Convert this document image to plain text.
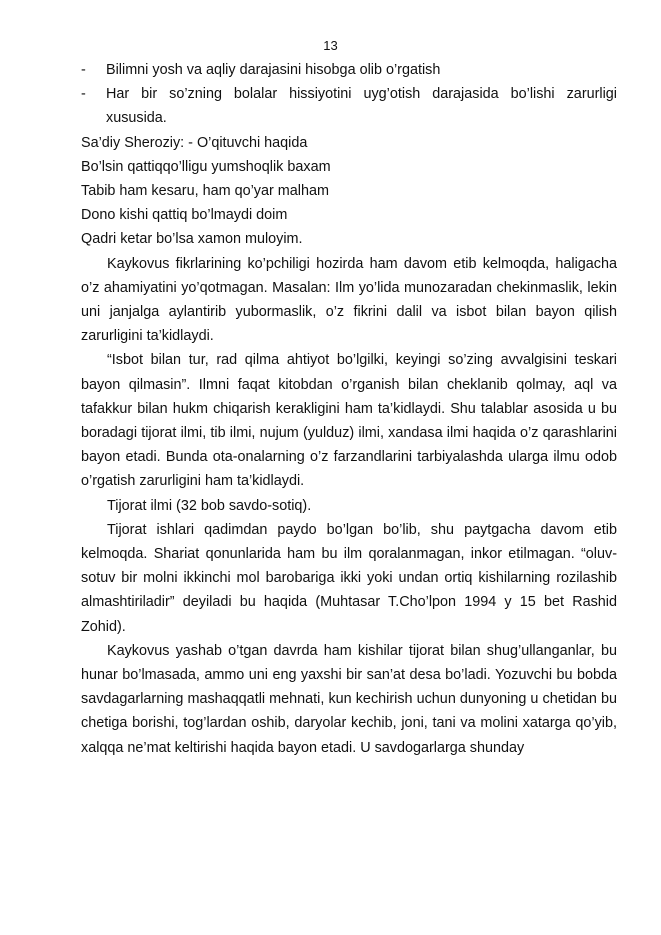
13
-	Bilimni yosh va aqliy darajasini hisobga olib o’rgatish
-	Har bir so’zning bolalar hissiyotini uyg’otish darajasida bo’lishi zarurligi xususida.

Sa’diy Sheroziy: - O’qituvchi haqida

Bo’lsin qattiqqo’lligu yumshoqlik baxam

Tabib ham kesaru, ham qo’yar malham

Dono kishi qattiq bo’lmaydi doim

Qadri ketar bo’lsa xamon muloyim.

Kaykovus fikrlarining ko’pchiligi hozirda ham davom etib kelmoqda, haligacha o’z ahamiyatini yo’qotmagan. Masalan: Ilm yo’lida munozaradan chekinmaslik, lekin uni janjalga aylantirib yubormaslik, o’z fikrini dalil va isbot bilan bayon qilish zarurligini ta’kidlaydi.

“Isbot bilan tur, rad qilma ahtiyot bo’lgilki, keyingi so’zing avvalgisini teskari bayon qilmasin”. Ilmni faqat kitobdan o’rganish bilan cheklanib qolmay, aql va tafakkur bilan hukm chiqarish kerakligini ham ta’kidlaydi. Shu talablar asosida u bu boradagi tijorat ilmi, tib ilmi, nujum (yulduz) ilmi, xandasa ilmi haqida o’z qarashlarini bayon etadi. Bunda ota-onalarning o’z farzandlarini tarbiyalashda ularga ilmu odob o’rgatish zarurligini ham ta’kidlaydi.

Tijorat ilmi (32 bob savdo-sotiq).

Tijorat ishlari qadimdan paydo bo’lgan bo’lib, shu paytgacha davom etib kelmoqda. Shariat qonunlarida ham bu ilm qoralanmagan, inkor etilmagan. “oluv-sotuv bir molni ikkinchi mol barobariga ikki yoki undan ortiq kishilarning rozilashib almashtiriladir” deyiladi bu haqida (Muhtasar T.Cho’lpon 1994 y 15 bet Rashid Zohid).

Kaykovus yashab o’tgan davrda ham kishilar tijorat bilan shug’ullanganlar, bu hunar bo’lmasada, ammo uni eng yaxshi bir san’at desa bo’ladi. Yozuvchi bu bobda savdagarlarning mashaqqatli mehnati, kun kechirish uchun dunyoning u chetidan bu chetiga borishi, tog’lardan oshib, daryolar kechib, joni, tani va molini xatarga qo’yib, xalqqa ne’mat keltirishi haqida bayon etadi. U savdogarlarga shunday
